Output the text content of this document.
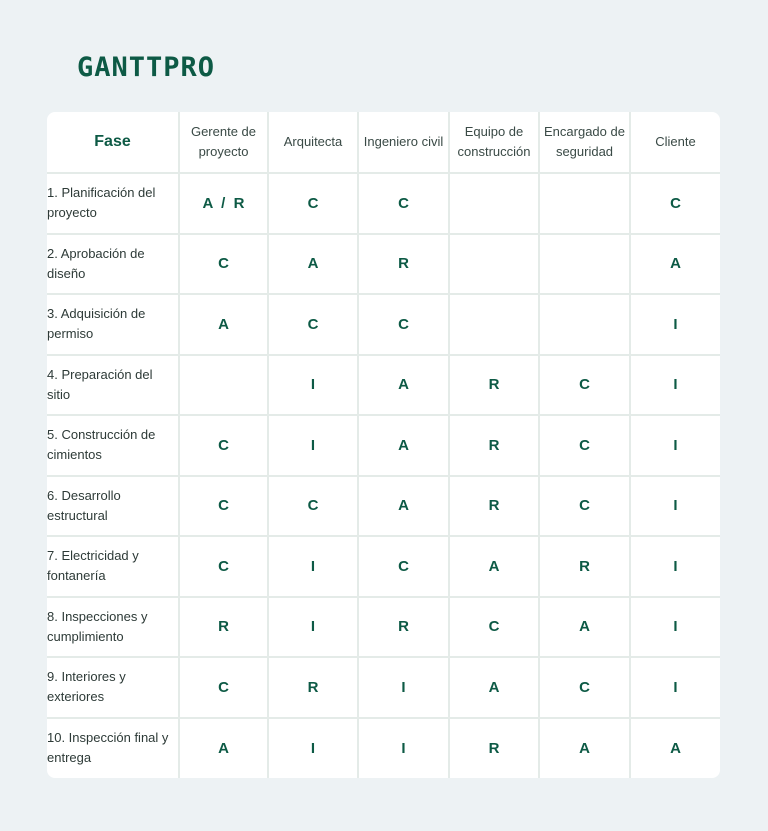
GANTTPRO
Fase	Gerente de proyecto	Arquitecta	Ingeniero civil	Equipo de construcción	Encargado de seguridad	Cliente
1. Planificación del proyecto	A  /  R	C	C			C
2. Aprobación de diseño	C	A	R			A
3. Adquisición de permiso	A	C	C			I
4. Preparación del sitio		I	A	R	C	I
5. Construcción de cimientos	C	I	A	R	C	I
6. Desarrollo estructural	C	C	A	R	C	I
7. Electricidad y fontanería	C	I	C	A	R	I
8. Inspecciones y cumplimiento	R	I	R	C	A	I
9. Interiores y exteriores	C	R	I	A	C	I
10. Inspección final y entrega	A	I	I	R	A	A
